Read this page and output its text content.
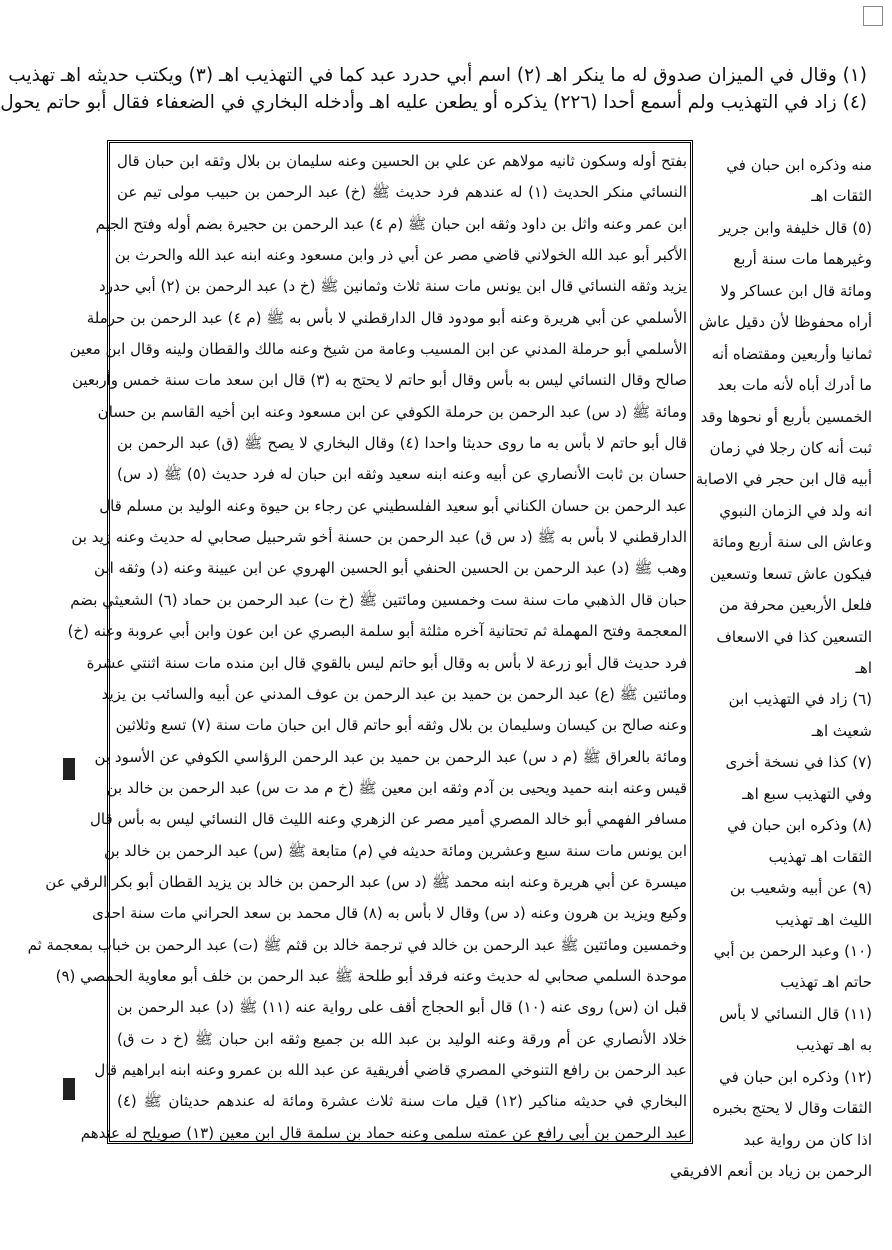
(١) وقال في الميزان صدوق له ما ينكر اهـ (٢) اسم أبي حدرد عبد كما في التهذيب اهـ (٣) ويكتب حديثه اهـ تهذيب
(٤) زاد في التهذيب ولم أسمع أحدا (٢٢٦) يذكره أو يطعن عليه اهـ وأدخله البخاري في الضعفاء فقال أبو حاتم يحول
بفتح أوله وسكون ثانيه مولاهم عن علي بن الحسين وعنه سليمان بن بلال وثقه ابن حبان قال
النسائي منكر الحديث (١) له عندهم فرد حديث ﷺ (خ) عبد الرحمن بن حبيب مولى تيم عن
ابن عمر وعنه واثل بن داود وثقه ابن حبان ﷺ (م ٤) عبد الرحمن بن حجيرة بضم أوله وفتح الجيم
الأكبر أبو عبد الله الخولاني قاضي مصر عن أبي ذر وابن مسعود وعنه ابنه عبد الله والحرث بن
يزيد وثقه النسائي قال ابن يونس مات سنة ثلاث وثمانين ﷺ (خ د) عبد الرحمن بن (٢) أبي حدرد
الأسلمي عن أبي هريرة وعنه أبو مودود قال الدارقطني لا بأس به ﷺ (م ٤) عبد الرحمن بن حرملة
الأسلمي أبو حرملة المدني عن ابن المسيب وعامة من شيخ وعنه مالك والقطان ولينه وقال ابن معين
صالح وقال النسائي ليس به بأس وقال أبو حاتم لا يحتج به (٣) قال ابن سعد مات سنة خمس وأربعين
ومائة ﷺ (د س) عبد الرحمن بن حرملة الكوفي عن ابن مسعود وعنه ابن أخيه القاسم بن حسان
قال أبو حاتم لا بأس به ما روى حديثا واحدا (٤) وقال البخاري لا يصح ﷺ (ق) عبد الرحمن بن
حسان بن ثابت الأنصاري عن أبيه وعنه ابنه سعيد وثقه ابن حبان له فرد حديث (٥) ﷺ (د س)
عبد الرحمن بن حسان الكناني أبو سعيد الفلسطيني عن رجاء بن حيوة وعنه الوليد بن مسلم قال
الدارقطني لا بأس به ﷺ (د س ق) عبد الرحمن بن حسنة أخو شرحبيل صحابي له حديث وعنه زيد بن
وهب ﷺ (د) عبد الرحمن بن الحسين الحنفي أبو الحسين الهروي عن ابن عيينة وعنه (د) وثقه ابن
حبان قال الذهبي مات سنة ست وخمسين ومائتين ﷺ (خ ت) عبد الرحمن بن حماد (٦) الشعيثي بضم
المعجمة وفتح المهملة ثم تحتانية آخره مثلثة أبو سلمة البصري عن ابن عون وابن أبي عروبة وعنه (خ)
فرد حديث قال أبو زرعة لا بأس به وقال أبو حاتم ليس بالقوي قال ابن منده مات سنة اثنتي عشرة
ومائتين ﷺ (ع) عبد الرحمن بن حميد بن عبد الرحمن بن عوف المدني عن أبيه والسائب بن يزيد
وعنه صالح بن كيسان وسليمان بن بلال وثقه أبو حاتم قال ابن حبان مات سنة (٧) تسع وثلاثين
ومائة بالعراق ﷺ (م د س) عبد الرحمن بن حميد بن عبد الرحمن الرؤاسي الكوفي عن الأسود بن
قيس وعنه ابنه حميد ويحيى بن آدم وثقه ابن معين ﷺ (خ م مد ت س) عبد الرحمن بن خالد بن
مسافر الفهمي أبو خالد المصري أمير مصر عن الزهري وعنه الليث قال النسائي ليس به بأس قال
ابن يونس مات سنة سبع وعشرين ومائة حديثه في (م) متابعة ﷺ (س) عبد الرحمن بن خالد بن
ميسرة عن أبي هريرة وعنه ابنه محمد ﷺ (د س) عبد الرحمن بن خالد بن يزيد القطان أبو بكر الرقي عن
وكيع ويزيد بن هرون وعنه (د س) وقال لا بأس به (٨) قال محمد بن سعد الحراني مات سنة احدى
وخمسين ومائتين ﷺ عبد الرحمن بن خالد في ترجمة خالد بن قثم ﷺ (ت) عبد الرحمن بن خباب بمعجمة ثم
موحدة السلمي صحابي له حديث وعنه فرقد أبو طلحة ﷺ عبد الرحمن بن خلف أبو معاوية الحمصي (٩)
قبل ان (س) روى عنه (١٠) قال أبو الحجاج أقف على رواية عنه (١١) ﷺ (د) عبد الرحمن بن
خلاد الأنصاري عن أم ورقة وعنه الوليد بن عبد الله بن جميع وثقه ابن حبان ﷺ (خ د ت ق)
عبد الرحمن بن رافع التنوخي المصري قاضي أفريقية عن عبد الله بن عمرو وعنه ابنه ابراهيم قال
البخاري في حديثه مناكير (١٢) قيل مات سنة ثلاث عشرة ومائة له عندهم حديثان ﷺ (٤)
عبد الرحمن بن أبي رافع عن عمته سلمى وعنه حماد بن سلمة قال ابن معين (١٣) صويلح له عندهم
منه وذكره ابن حبان في
الثقات اهـ
(٥) قال خليفة وابن جرير
وغيرهما مات سنة أربع
ومائة قال ابن عساكر ولا
أراه محفوظا لأن دقيل عاش
ثمانيا وأربعين ومقتضاه أنه
ما أدرك أباه لأنه مات بعد
الخمسين بأربع أو نحوها وقد
ثبت أنه كان رجلا في زمان
أبيه قال ابن حجر في الاصابة
انه ولد في الزمان النبوي
وعاش الى سنة أربع ومائة
فيكون عاش تسعا وتسعين
فلعل الأربعين محرفة من
التسعين كذا في الاسعاف
اهـ
(٦) زاد في التهذيب ابن
شعيث اهـ
(٧) كذا في نسخة أخرى
وفي التهذيب سبع اهـ
(٨) وذكره ابن حبان في
الثقات اهـ تهذيب
(٩) عن أبيه وشعيب بن
الليث اهـ تهذيب
(١٠) وعبد الرحمن بن أبي
حاتم اهـ تهذيب
(١١) قال النسائي لا بأس
به اهـ تهذيب
(١٢) وذكره ابن حبان في
الثقات وقال لا يحتج بخبره
اذا كان من رواية عبد
الرحمن بن زياد بن أنعم الافريقي
